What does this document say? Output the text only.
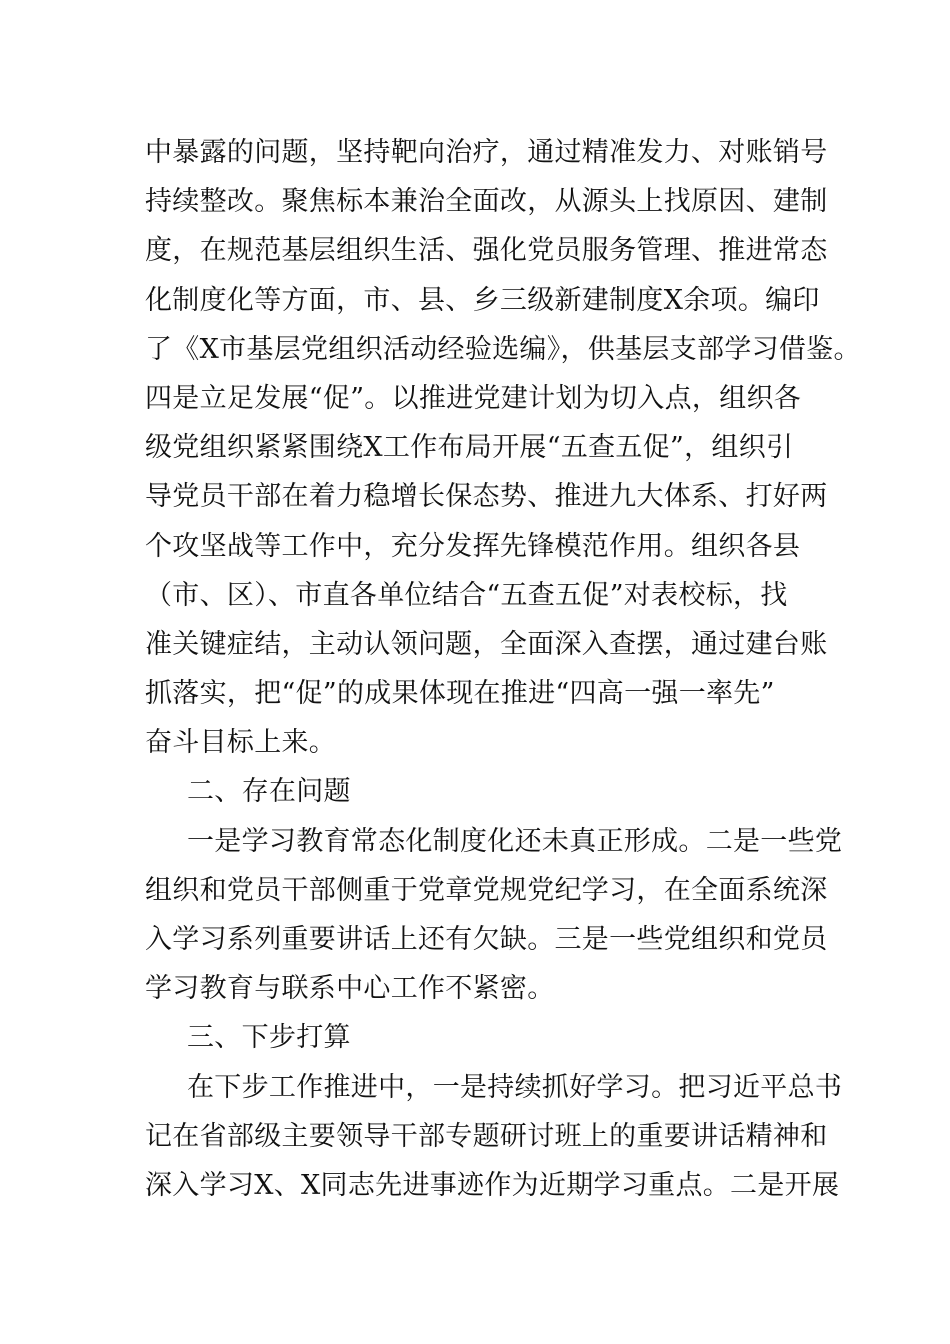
中暴露的问题，坚持靶向治疗，通过精准发力、对账销号
持续整改。聚焦标本兼治全面改，从源头上找原因、建制
度，在规范基层组织生活、强化党员服务管理、推进常态
化制度化等方面，市、县、乡三级新建制度X余项。编印
了《X市基层党组织活动经验选编》，供基层支部学习借鉴。
四是立足发展“促”。以推进党建计划为切入点，组织各
级党组织紧紧围绕X工作布局开展“五查五促”，组织引
导党员干部在着力稳增长保态势、推进九大体系、打好两
个攻坚战等工作中，充分发挥先锋模范作用。组织各县
（市、区）、市直各单位结合“五查五促”对表校标，找
准关键症结，主动认领问题，全面深入查摆，通过建台账
抓落实，把“促”的成果体现在推进“四高一强一率先”
奋斗目标上来。
二、存在问题
一是学习教育常态化制度化还未真正形成。二是一些党
组织和党员干部侧重于党章党规党纪学习，在全面系统深
入学习系列重要讲话上还有欠缺。三是一些党组织和党员
学习教育与联系中心工作不紧密。
三、下步打算
在下步工作推进中，一是持续抓好学习。把习近平总书
记在省部级主要领导干部专题研讨班上的重要讲话精神和
深入学习X、X同志先进事迹作为近期学习重点。二是开展
